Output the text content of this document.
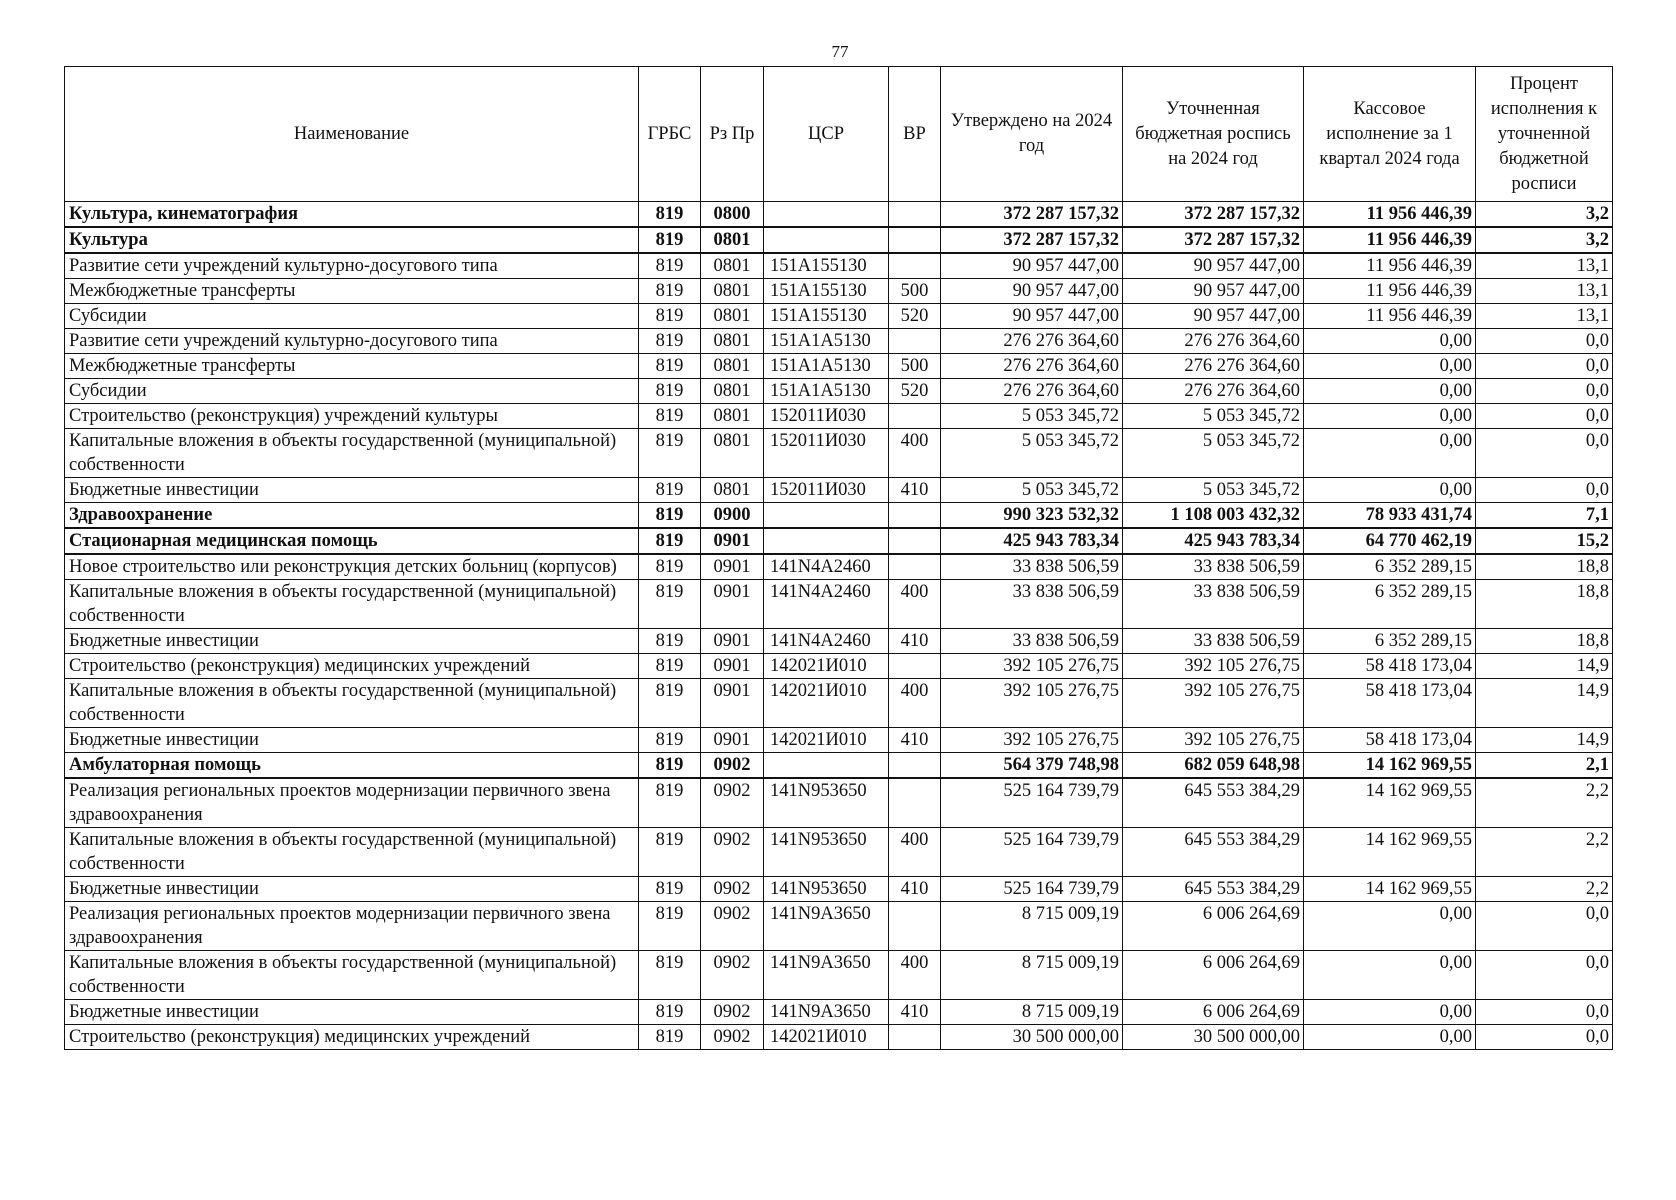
77
Наименование	ГРБС	Рз Пр	ЦСР	ВР	Утверждено на 2024 год	Уточненная бюджетная роспись на 2024 год	Кассовое исполнение за 1 квартал 2024 года	Процент исполнения к уточненной бюджетной росписи
Культура, кинематография	819	0800			372 287 157,32	372 287 157,32	11 956 446,39	3,2
Культура	819	0801			372 287 157,32	372 287 157,32	11 956 446,39	3,2
Развитие сети учреждений культурно-досугового типа	819	0801	151A155130		90 957 447,00	90 957 447,00	11 956 446,39	13,1
Межбюджетные трансферты	819	0801	151A155130	500	90 957 447,00	90 957 447,00	11 956 446,39	13,1
Субсидии	819	0801	151A155130	520	90 957 447,00	90 957 447,00	11 956 446,39	13,1
Развитие сети учреждений культурно-досугового типа	819	0801	151A1A5130		276 276 364,60	276 276 364,60	0,00	0,0
Межбюджетные трансферты	819	0801	151A1A5130	500	276 276 364,60	276 276 364,60	0,00	0,0
Субсидии	819	0801	151A1A5130	520	276 276 364,60	276 276 364,60	0,00	0,0
Строительство (реконструкция) учреждений культуры	819	0801	152011И030		5 053 345,72	5 053 345,72	0,00	0,0
Капитальные вложения в объекты государственной (муниципальной) собственности	819	0801	152011И030	400	5 053 345,72	5 053 345,72	0,00	0,0
Бюджетные инвестиции	819	0801	152011И030	410	5 053 345,72	5 053 345,72	0,00	0,0
Здравоохранение	819	0900			990 323 532,32	1 108 003 432,32	78 933 431,74	7,1
Стационарная медицинская помощь	819	0901			425 943 783,34	425 943 783,34	64 770 462,19	15,2
Новое строительство или реконструкция детских больниц (корпусов)	819	0901	141N4A2460		33 838 506,59	33 838 506,59	6 352 289,15	18,8
Капитальные вложения в объекты государственной (муниципальной) собственности	819	0901	141N4A2460	400	33 838 506,59	33 838 506,59	6 352 289,15	18,8
Бюджетные инвестиции	819	0901	141N4A2460	410	33 838 506,59	33 838 506,59	6 352 289,15	18,8
Строительство (реконструкция) медицинских учреждений	819	0901	142021И010		392 105 276,75	392 105 276,75	58 418 173,04	14,9
Капитальные вложения в объекты государственной (муниципальной) собственности	819	0901	142021И010	400	392 105 276,75	392 105 276,75	58 418 173,04	14,9
Бюджетные инвестиции	819	0901	142021И010	410	392 105 276,75	392 105 276,75	58 418 173,04	14,9
Амбулаторная помощь	819	0902			564 379 748,98	682 059 648,98	14 162 969,55	2,1
Реализация региональных проектов модернизации первичного звена здравоохранения	819	0902	141N953650		525 164 739,79	645 553 384,29	14 162 969,55	2,2
Капитальные вложения в объекты государственной (муниципальной) собственности	819	0902	141N953650	400	525 164 739,79	645 553 384,29	14 162 969,55	2,2
Бюджетные инвестиции	819	0902	141N953650	410	525 164 739,79	645 553 384,29	14 162 969,55	2,2
Реализация региональных проектов модернизации первичного звена здравоохранения	819	0902	141N9A3650		8 715 009,19	6 006 264,69	0,00	0,0
Капитальные вложения в объекты государственной (муниципальной) собственности	819	0902	141N9A3650	400	8 715 009,19	6 006 264,69	0,00	0,0
Бюджетные инвестиции	819	0902	141N9A3650	410	8 715 009,19	6 006 264,69	0,00	0,0
Строительство (реконструкция) медицинских учреждений	819	0902	142021И010		30 500 000,00	30 500 000,00	0,00	0,0
